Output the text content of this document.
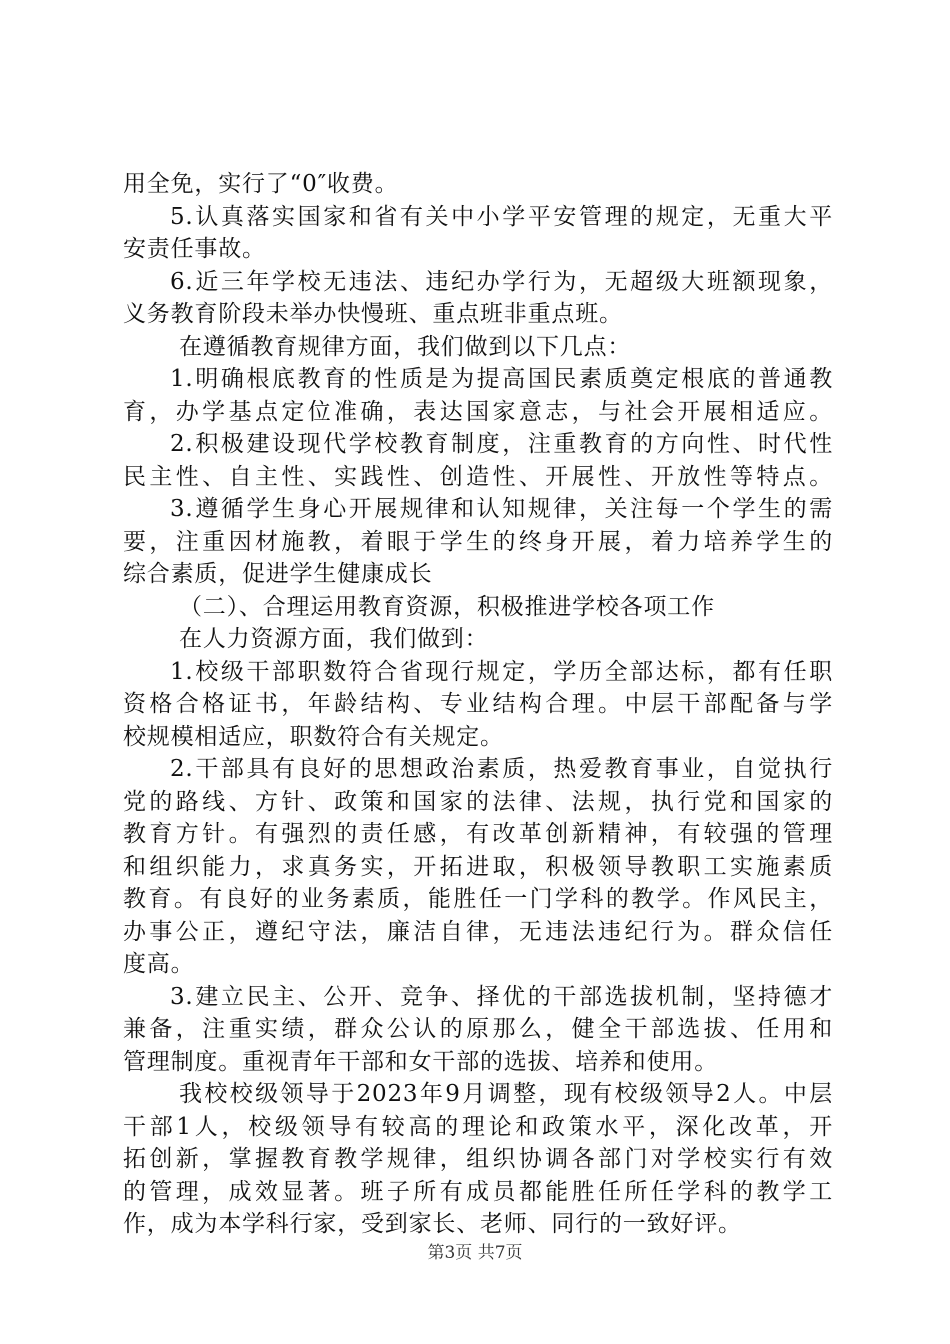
用全免，实行了“0″收费。
5.认真落实国家和省有关中小学平安管理的规定，无重大平
安责任事故。
6.近三年学校无违法、违纪办学行为，无超级大班额现象，
义务教育阶段未举办快慢班、重点班非重点班。
在遵循教育规律方面，我们做到以下几点：
1.明确根底教育的性质是为提高国民素质奠定根底的普通教
育，办学基点定位准确，表达国家意志，与社会开展相适应。
2.积极建设现代学校教育制度，注重教育的方向性、时代性
民主性、自主性、实践性、创造性、开展性、开放性等特点。
3.遵循学生身心开展规律和认知规律，关注每一个学生的需
要，注重因材施教，着眼于学生的终身开展，着力培养学生的
综合素质，促进学生健康成长
（二）、合理运用教育资源，积极推进学校各项工作
在人力资源方面，我们做到：
1.校级干部职数符合省现行规定，学历全部达标，都有任职
资格合格证书，年龄结构、专业结构合理。中层干部配备与学
校规模相适应，职数符合有关规定。
2.干部具有良好的思想政治素质，热爱教育事业，自觉执行
党的路线、方针、政策和国家的法律、法规，执行党和国家的
教育方针。有强烈的责任感，有改革创新精神，有较强的管理
和组织能力，求真务实，开拓进取，积极领导教职工实施素质
教育。有良好的业务素质，能胜任一门学科的教学。作风民主，
办事公正，遵纪守法，廉洁自律，无违法违纪行为。群众信任
度高。
3.建立民主、公开、竞争、择优的干部选拔机制，坚持德才
兼备，注重实绩，群众公认的原那么，健全干部选拔、任用和
管理制度。重视青年干部和女干部的选拔、培养和使用。
我校校级领导于2023年9月调整，现有校级领导2人。中层
干部1人，校级领导有较高的理论和政策水平，深化改革，开
拓创新，掌握教育教学规律，组织协调各部门对学校实行有效
的管理，成效显著。班子所有成员都能胜任所任学科的教学工
作，成为本学科行家，受到家长、老师、同行的一致好评。
第3页 共7页
